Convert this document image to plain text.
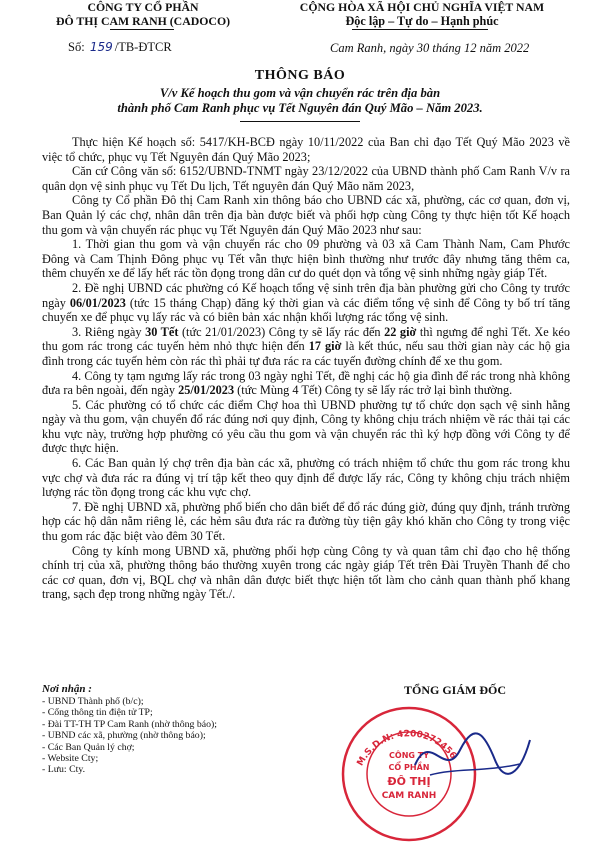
CÔNG TY CỔ PHẦN
ĐÔ THỊ CAM RANH (CADOCO)
CỘNG HÒA XÃ HỘI CHỦ NGHĨA VIỆT NAM
Độc lập – Tự do – Hạnh phúc
Số: 159 /TB-ĐTCR	Cam Ranh, ngày 30 tháng 12 năm 2022
THÔNG BÁO
V/v Kế hoạch thu gom và vận chuyển rác trên địa bàn
thành phố Cam Ranh phục vụ Tết Nguyên đán Quý Mão – Năm 2023.

Thực hiện Kế hoạch số: 5417/KH-BCĐ ngày 10/11/2022 của Ban chỉ đạo Tết Quý Mão 2023 về việc tổ chức, phục vụ Tết Nguyên đán Quý Mão 2023;

Căn cứ Công văn số: 6152/UBND-TNMT ngày 23/12/2022 của UBND thành phố Cam Ranh V/v ra quân dọn vệ sinh phục vụ Tết Du lịch, Tết nguyên đán Quý Mão năm 2023,

Công ty Cổ phần Đô thị Cam Ranh xin thông báo cho UBND các xã, phường, các cơ quan, đơn vị, Ban Quản lý các chợ, nhân dân trên địa bàn được biết và phối hợp cùng Công ty thực hiện tốt Kế hoạch thu gom và vận chuyển rác phục vụ Tết Nguyên đán Quý Mão 2023 như sau:

1. Thời gian thu gom và vận chuyển rác cho 09 phường và 03 xã Cam Thành Nam, Cam Phước Đông và Cam Thịnh Đông phục vụ Tết vẫn thực hiện bình thường như trước đây nhưng tăng thêm ca, thêm chuyến xe để lấy hết rác tồn đọng trong dân cư do quét dọn và tổng vệ sinh những ngày giáp Tết.

2. Đề nghị UBND các phường có Kế hoạch tổng vệ sinh trên địa bàn phường gửi cho Công ty trước ngày 06/01/2023 (tức 15 tháng Chạp) đăng ký thời gian và các điểm tổng vệ sinh để Công ty bố trí tăng chuyến xe để phục vụ lấy rác và có biên bản xác nhận khối lượng rác tổng vệ sinh.

3. Riêng ngày 30 Tết (tức 21/01/2023) Công ty sẽ lấy rác đến 22 giờ thì ngưng để nghỉ Tết. Xe kéo thu gom rác trong các tuyến hẻm nhỏ thực hiện đến 17 giờ là kết thúc, nếu sau thời gian này các hộ gia đình trong các tuyến hẻm còn rác thì phải tự đưa rác ra các tuyến đường chính để xe thu gom.

4. Công ty tạm ngưng lấy rác trong 03 ngày nghỉ Tết, đề nghị các hộ gia đình để rác trong nhà không đưa ra bên ngoài, đến ngày 25/01/2023 (tức Mùng 4 Tết) Công ty sẽ lấy rác trở lại bình thường.

5. Các phường có tổ chức các điểm Chợ hoa thì UBND phường tự tổ chức dọn sạch vệ sinh hằng ngày và thu gom, vận chuyển đổ rác đúng nơi quy định, Công ty không chịu trách nhiệm về rác thải tại các khu vực này, trường hợp phường có yêu cầu thu gom và vận chuyển rác thì ký hợp đồng với Công ty để được thực hiện.

6. Các Ban quản lý chợ trên địa bàn các xã, phường có trách nhiệm tổ chức thu gom rác trong khu vực chợ và đưa rác ra đúng vị trí tập kết theo quy định để được lấy rác, Công ty không chịu trách nhiệm lượng rác tồn đọng trong các khu vực chợ.

7. Đề nghị UBND xã, phường phổ biến cho dân biết để đổ rác đúng giờ, đúng quy định, tránh trường hợp các hộ dân nằm riêng lẻ, các hẻm sâu đưa rác ra đường tùy tiện gây khó khăn cho Công ty trong việc thu gom rác đặc biệt vào đêm 30 Tết.

Công ty kính mong UBND xã, phường phối hợp cùng Công ty và quan tâm chỉ đạo cho hệ thống chính trị của xã, phường thông báo thường xuyên trong các ngày giáp Tết trên Đài Truyền Thanh để cho các cơ quan, đơn vị, BQL chợ và nhân dân được biết thực hiện tốt làm cho cảnh quan thành phố khang trang, sạch đẹp trong những ngày Tết./.

Nơi nhận :
- UBND Thành phố (b/c);
- Cổng thông tin điện tử TP;
- Đài TT-TH TP Cam Ranh (nhờ thông báo);
- UBND các xã, phường (nhờ thông báo);
- Các Ban Quản lý chợ;
- Website Cty;
- Lưu: Cty.
TỔNG GIÁM ĐỐC
M.S.D.N: 4200272456
CÔNG TY
CỔ PHẦN
ĐÔ THỊ
CAM RANH
